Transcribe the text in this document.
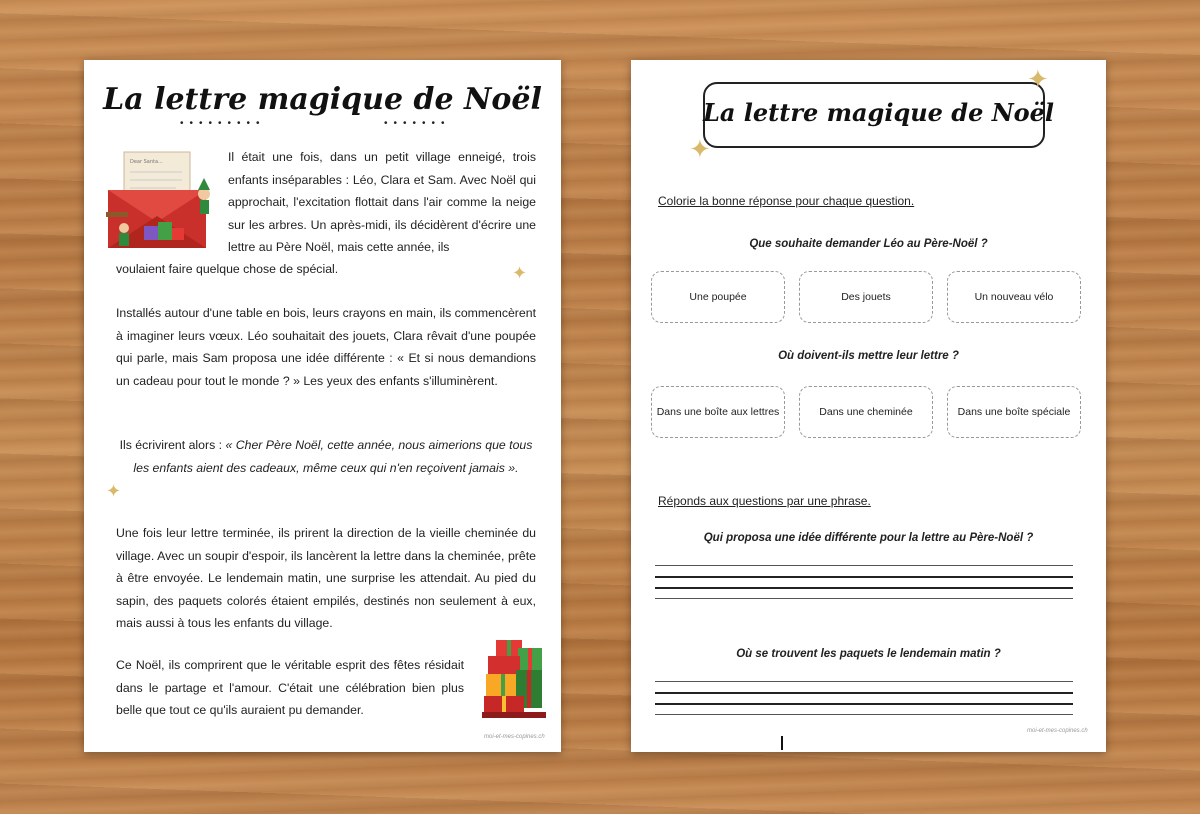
La lettre magique de Noël
•••••••••	•••••••
Dear Santa...	Il était une fois, dans un petit village enneigé, trois enfants inséparables : Léo, Clara et Sam. Avec Noël qui approchait, l'excitation flottait dans l'air comme la neige sur les arbres. Un après-midi, ils décidèrent d'écrire une lettre au Père Noël, mais cette année, ils
voulaient faire quelque chose de spécial.	✦
Installés autour d'une table en bois, leurs crayons en main, ils commencèrent à imaginer leurs vœux. Léo souhaitait des jouets, Clara rêvait d'une poupée qui parle, mais Sam proposa une idée différente : « Et si nous demandions un cadeau pour tout le monde ? » Les yeux des enfants s'illuminèrent.
Ils écrivirent alors : « Cher Père Noël, cette année, nous aimerions que tous les enfants aient des cadeaux, même ceux qui n'en reçoivent jamais ».
✦
Une fois leur lettre terminée, ils prirent la direction de la vieille cheminée du village. Avec un soupir d'espoir, ils lancèrent la lettre dans la cheminée, prête à être envoyée. Le lendemain matin, une surprise les attendait. Au pied du sapin, des paquets colorés étaient empilés, destinés non seulement à eux, mais aussi à tous les enfants du village.
Ce Noël, ils comprirent que le véritable esprit des fêtes résidait dans le partage et l'amour. C'était une célébration bien plus belle que tout ce qu'ils auraient pu demander.
moi-et-mes-copines.ch
La lettre magique de Noël
✦
✦
Colorie la bonne réponse pour chaque question.
Que souhaite demander Léo au Père-Noël ?
Une poupée	Des jouets	Un nouveau vélo
Où doivent-ils mettre leur lettre ?
Dans une boîte aux lettres	Dans une cheminée	Dans une boîte spéciale
Réponds aux questions par une phrase.
Qui proposa une idée différente pour la lettre au Père-Noël ?
Où se trouvent les paquets le lendemain matin ?
moi-et-mes-copines.ch
